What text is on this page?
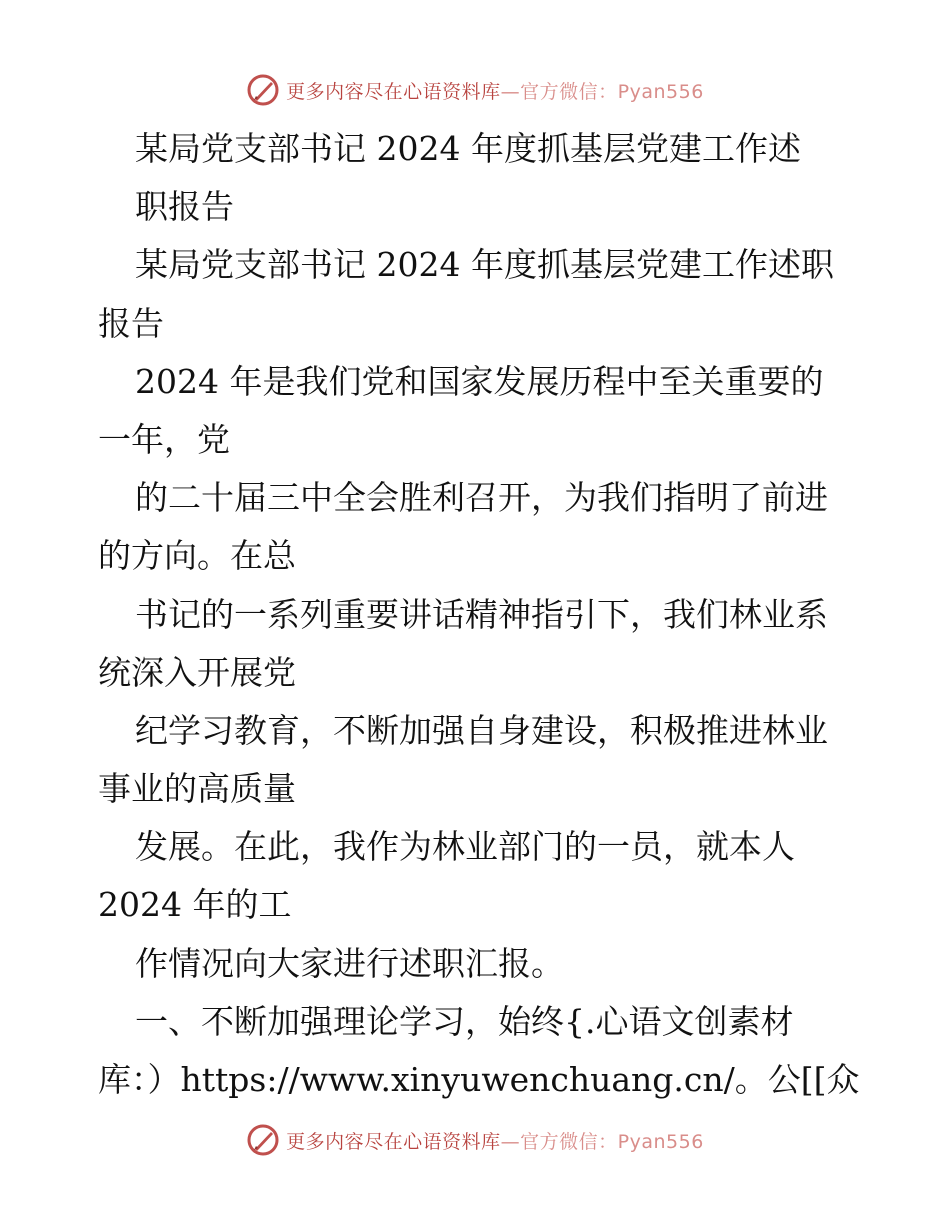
更多内容尽在心语资料库 —官方微信：Pyan556
某局党支部书记 2024 年度抓基层党建工作述
职报告
某局党支部书记 2024 年度抓基层党建工作述职
报告
2024 年是我们党和国家发展历程中至关重要的
一年，党
的二十届三中全会胜利召开，为我们指明了前进
的方向。在总
书记的一系列重要讲话精神指引下，我们林业系
统深入开展党
纪学习教育，不断加强自身建设，积极推进林业
事业的高质量
发展。在此，我作为林业部门的一员，就本人
2024 年的工
作情况向大家进行述职汇报。
一、不断加强理论学习，始终{.心语文创素材
库：）https://www.xinyuwenchuang.cn/。公[[众
更多内容尽在心语资料库 —官方微信：Pyan556
